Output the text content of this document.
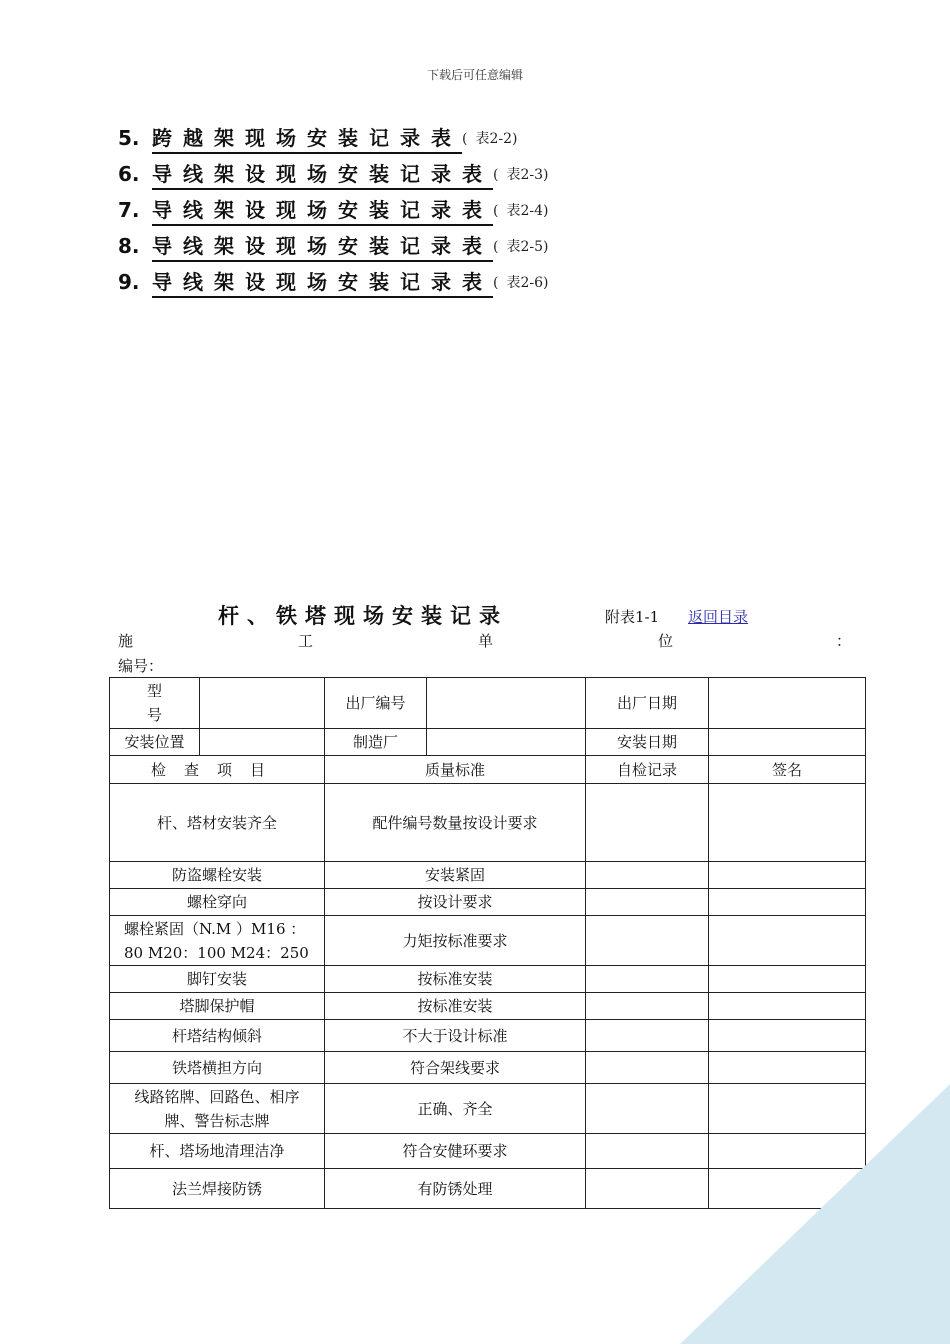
下载后可任意编辑
5. 跨越架现场安装记录表 ( 表2-2)
6. 导线架设现场安装记录表 ( 表2-3)
7. 导线架设现场安装记录表 ( 表2-4)
8. 导线架设现场安装记录表 ( 表2-5)
9. 导线架设现场安装记录表 ( 表2-6)
杆、铁塔现场安装记录	附表1-1 返回目录
施	工	单	位	：
编号：
型
号		出厂编号		出厂日期	
安装位置		制造厂		安装日期	
检查项目		质量标准		自检记录	签名
杆、塔材安装齐全		配件编号数量按设计要求			
防盗螺栓安装		安装紧固			
螺栓穿向		按设计要求			

螺栓紧固（N.M ）M16 ：
80 M20：100 M24：250		力矩按标准要求			
脚钉安装		按标准安装			
塔脚保护帽		按标准安装			
杆塔结构倾斜		不大于设计标准			
铁塔横担方向		符合架线要求			

线路铭牌、回路色、相序
牌、警告标志牌		正确、齐全			
杆、塔场地清理洁净		符合安健环要求			
法兰焊接防锈		有防锈处理			
